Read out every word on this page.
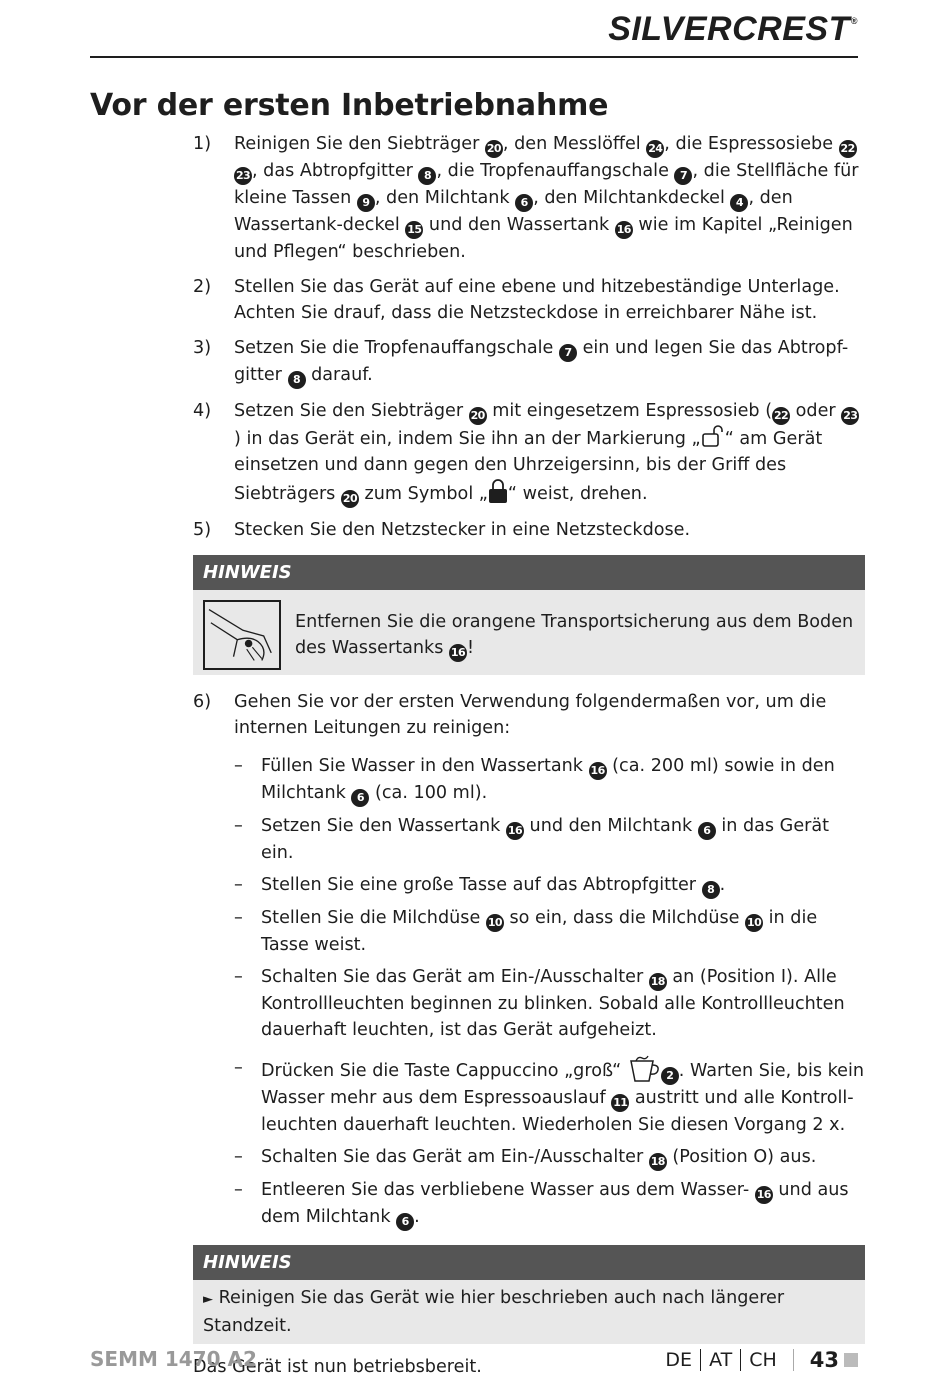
SILVERCREST®
Vor der ersten Inbetriebnahme
1)	Reinigen Sie den Siebträger 20 , den Messlöffel 24 , die Espressosiebe 22 23 , das Abtropfgitter 8 , die Tropfenauffangschale 7 , die Stellfläche für kleine Tassen 9 , den Milchtank 6 , den Milchtankdeckel 4 , den Wassertank-deckel 15 und den Wassertank 16 wie im Kapitel „Reinigen und Pflegen“ beschrieben.
2)	Stellen Sie das Gerät auf eine ebene und hitzebeständige Unterlage. Achten Sie drauf, dass die Netzsteckdose in erreichbarer Nähe ist.
3)	Setzen Sie die Tropfenauffangschale 7 ein und legen Sie das Abtropf-gitter 8 darauf.
4)	Setzen Sie den Siebträger 20 mit eingesetzem Espressosieb ( 22 oder 23) in das Gerät ein, indem Sie ihn an der Markierung „ “ am Gerät einsetzen und dann gegen den Uhrzeigersinn, bis der Griff des Siebträgers 20 zum Symbol „ “ weist, drehen.
5)	Stecken Sie den Netzstecker in eine Netzsteckdose.
HINWEIS
Entfernen Sie die orangene Transportsicherung aus dem Boden des Wassertanks 16 !
6)	Gehen Sie vor der ersten Verwendung folgendermaßen vor, um die internen Leitungen zu reinigen:
–	Füllen Sie Wasser in den Wassertank 16 (ca. 200 ml) sowie in den Milchtank 6 (ca. 100 ml).
–	Setzen Sie den Wassertank 16 und den Milchtank 6 in das Gerät ein.
–	Stellen Sie eine große Tasse auf das Abtropfgitter 8 .
–	Stellen Sie die Milchdüse 10 so ein, dass die Milchdüse 10 in die Tasse weist.
–	Schalten Sie das Gerät am Ein-/Ausschalter 18 an (Position I). Alle Kontrollleuchten beginnen zu blinken. Sobald alle Kontrollleuchten dauerhaft leuchten, ist das Gerät aufgeheizt.
–	Drücken Sie die Taste Cappuccino „groß“	2 . Warten Sie, bis kein Wasser mehr aus dem Espressoauslauf 11 austritt und alle Kontroll-leuchten dauerhaft leuchten. Wiederholen Sie diesen Vorgang 2 x.
–	Schalten Sie das Gerät am Ein-/Ausschalter 18 (Position O) aus.
–	Entleeren Sie das verbliebene Wasser aus dem Wasser- 16 und aus dem Milchtank 6 .
HINWEIS
► Reinigen Sie das Gerät wie hier beschrieben auch nach längerer Standzeit.
Das Gerät ist nun betriebsbereit.
SEMM 1470 A2	DE AT CH 43
